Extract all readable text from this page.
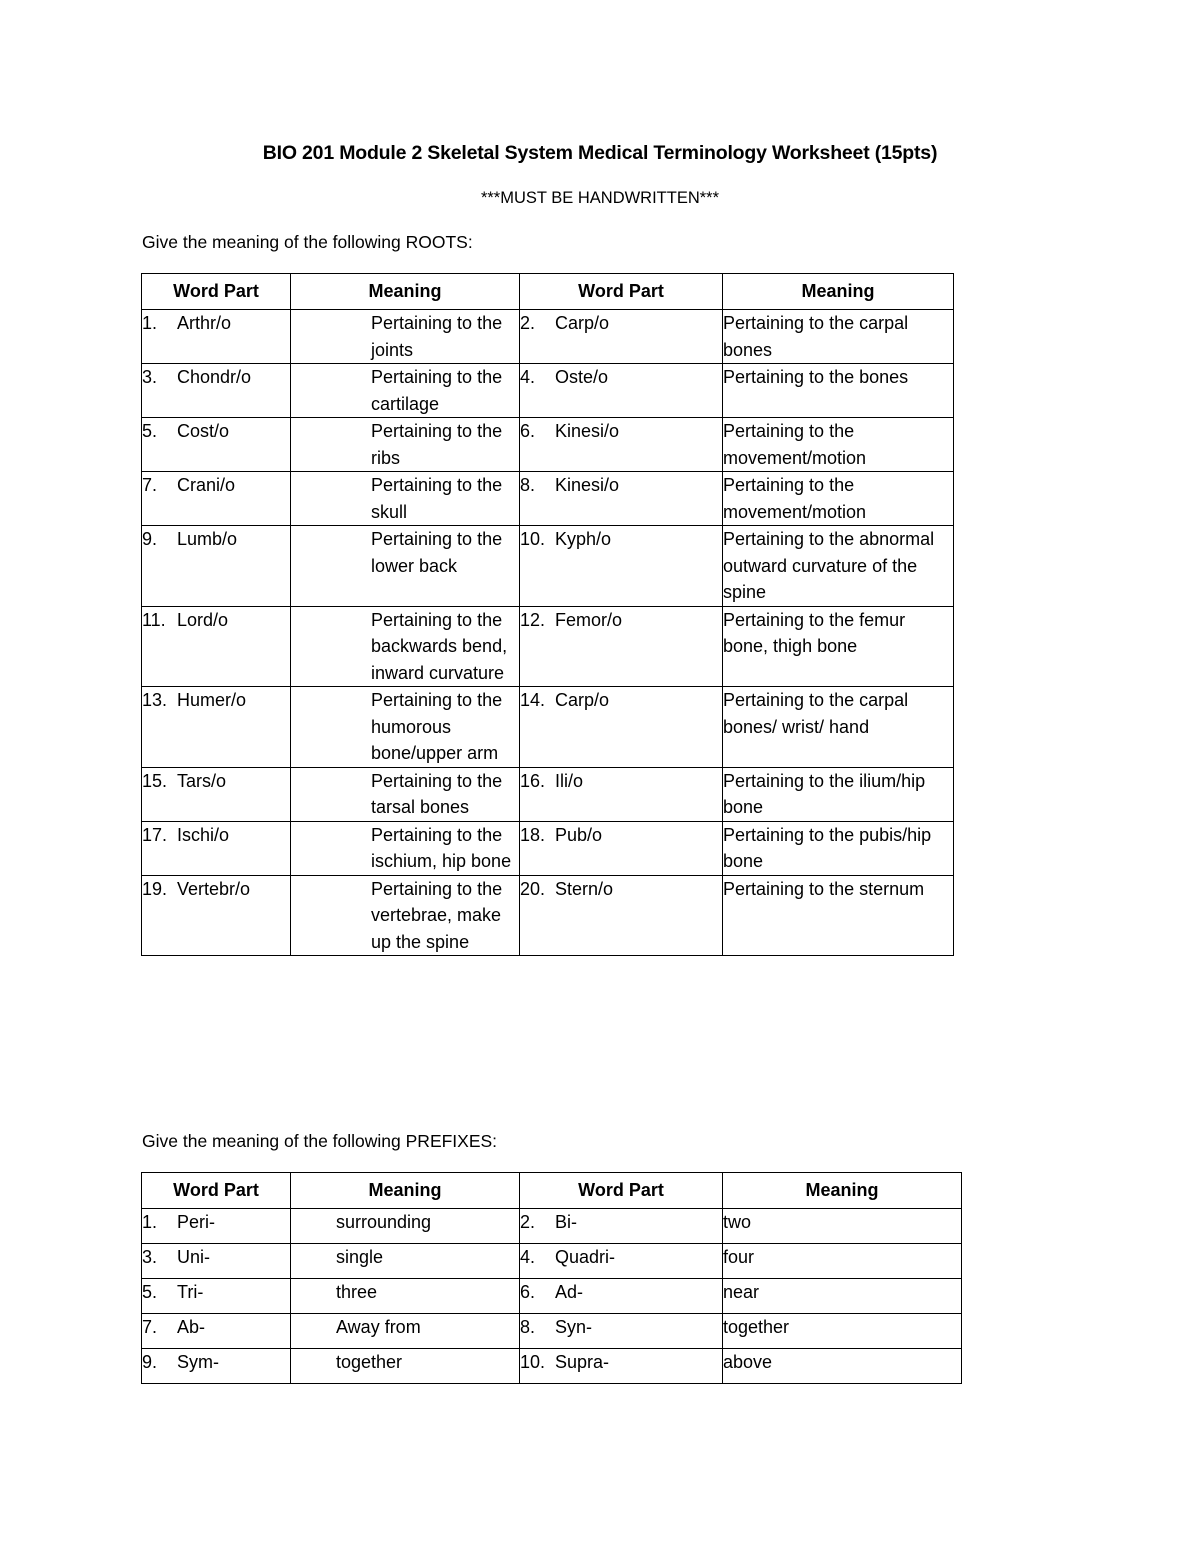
BIO 201 Module 2 Skeletal System Medical Terminology Worksheet (15pts)
***MUST BE HANDWRITTEN***
Give the meaning of the following ROOTS:
Word Part	Meaning	Word Part	Meaning
1. Arthr/o	Pertaining to the joints	2. Carp/o	Pertaining to the carpal bones
3. Chondr/o	Pertaining to the cartilage	4. Oste/o	Pertaining to the bones
5. Cost/o	Pertaining to the ribs	6. Kinesi/o	Pertaining to the movement/motion
7. Crani/o	Pertaining to the skull	8. Kinesi/o	Pertaining to the movement/motion
9. Lumb/o	Pertaining to the lower back	10. Kyph/o	Pertaining to the abnormal outward curvature of the spine
11. Lord/o	Pertaining to the backwards bend, inward curvature	12. Femor/o	Pertaining to the femur bone, thigh bone
13. Humer/o	Pertaining to the humorous bone/upper arm	14. Carp/o	Pertaining to the carpal bones/ wrist/ hand
15. Tars/o	Pertaining to the tarsal bones	16. Ili/o	Pertaining to the ilium/hip bone
17. Ischi/o	Pertaining to the ischium, hip bone	18. Pub/o	Pertaining to the pubis/hip bone
19. Vertebr/o	Pertaining to the vertebrae, make up the spine	20. Stern/o	Pertaining to the sternum
Give the meaning of the following PREFIXES:
Word Part	Meaning	Word Part	Meaning
1. Peri-	surrounding	2. Bi-	two
3. Uni-	single	4. Quadri-	four
5. Tri-	three	6. Ad-	near
7. Ab-	Away from	8. Syn-	together
9. Sym-	together	10. Supra-	above
